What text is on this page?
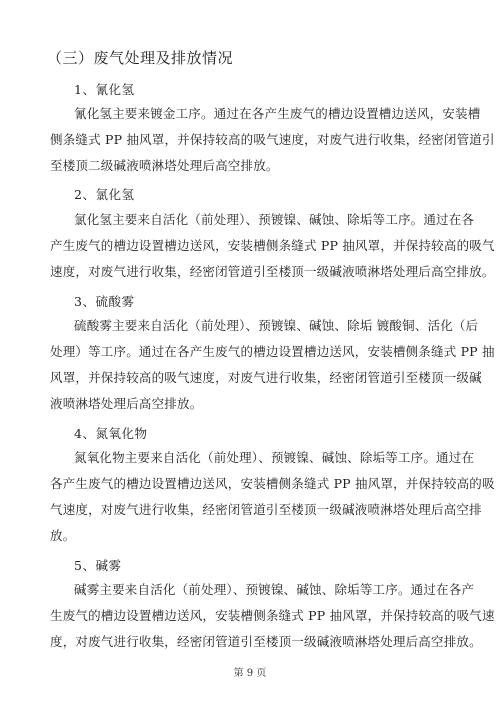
（三）废气处理及排放情况
1、氰化氢
氰化氢主要来镀金工序。通过在各产生废气的槽边设置槽边送风，安装槽
侧条缝式 PP 抽风罩，并保持较高的吸气速度，对废气进行收集，经密闭管道引
至楼顶二级碱液喷淋塔处理后高空排放。
2、氯化氢
氯化氢主要来自活化（前处理）、预镀镍、碱蚀、除垢等工序。通过在各
产生废气的槽边设置槽边送风，安装槽侧条缝式 PP 抽风罩，并保持较高的吸气
速度，对废气进行收集，经密闭管道引至楼顶一级碱液喷淋塔处理后高空排放。
3、硫酸雾
硫酸雾主要来自活化（前处理）、预镀镍、碱蚀、除垢 镀酸铜、活化（后
处理）等工序。通过在各产生废气的槽边设置槽边送风，安装槽侧条缝式 PP 抽
风罩，并保持较高的吸气速度，对废气进行收集，经密闭管道引至楼顶一级碱
液喷淋塔处理后高空排放。
4、氮氧化物
氮氧化物主要来自活化（前处理）、预镀镍、碱蚀、除垢等工序。通过在
各产生废气的槽边设置槽边送风，安装槽侧条缝式 PP 抽风罩，并保持较高的吸
气速度，对废气进行收集，经密闭管道引至楼顶一级碱液喷淋塔处理后高空排
放。
5、碱雾
碱雾主要来自活化（前处理）、预镀镍、碱蚀、除垢等工序。通过在各产
生废气的槽边设置槽边送风，安装槽侧条缝式 PP 抽风罩，并保持较高的吸气速
度，对废气进行收集，经密闭管道引至楼顶一级碱液喷淋塔处理后高空排放。
第 9 页
